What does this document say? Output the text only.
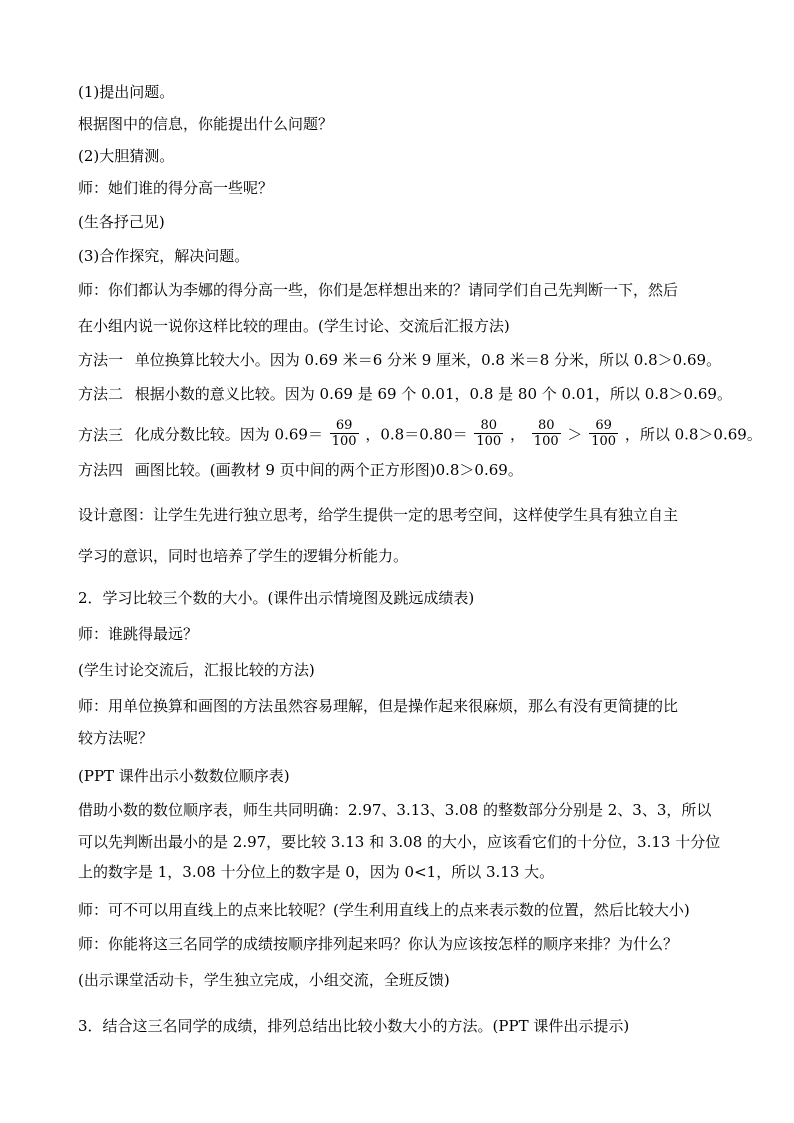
(1)提出问题。
根据图中的信息，你能提出什么问题？
(2)大胆猜测。
师：她们谁的得分高一些呢？
(生各抒己见)
(3)合作探究，解决问题。
师：你们都认为李娜的得分高一些，你们是怎样想出来的？请同学们自己先判断一下，然后
在小组内说一说你这样比较的理由。(学生讨论、交流后汇报方法)
方法一 单位换算比较大小。因为 0.69 米＝6 分米 9 厘米，0.8 米＝8 分米，所以 0.8＞0.69。
方法二 根据小数的意义比较。因为 0.69 是 69 个 0.01，0.8 是 80 个 0.01，所以 0.8＞0.69。
方法三 化成分数比较。因为 $0.69= \frac{69}{100}$ ，$0.8=0.80= \frac{80}{100}$ ， $\frac{80}{100} > \frac{69}{100}$ ，所以 0.8＞0.69。
方法四 画图比较。(画教材 9 页中间的两个正方形图)0.8＞0.69。
设计意图：让学生先进行独立思考，给学生提供一定的思考空间，这样使学生具有独立自主
学习的意识，同时也培养了学生的逻辑分析能力。
2．学习比较三个数的大小。(课件出示情境图及跳远成绩表)
师：谁跳得最远？
(学生讨论交流后，汇报比较的方法)
师：用单位换算和画图的方法虽然容易理解，但是操作起来很麻烦，那么有没有更简捷的比
较方法呢？
(PPT 课件出示小数数位顺序表)
借助小数的数位顺序表，师生共同明确：2.97、3.13、3.08 的整数部分分别是 2、3、3，所以
可以先判断出最小的是 2.97，要比较 3.13 和 3.08 的大小，应该看它们的十分位，3.13 十分位
上的数字是 1，3.08 十分位上的数字是 0，因为 0<1，所以 3.13 大。
师：可不可以用直线上的点来比较呢？(学生利用直线上的点来表示数的位置，然后比较大小)
师：你能将这三名同学的成绩按顺序排列起来吗？你认为应该按怎样的顺序来排？为什么？
(出示课堂活动卡，学生独立完成，小组交流，全班反馈)
3．结合这三名同学的成绩，排列总结出比较小数大小的方法。(PPT 课件出示提示)
